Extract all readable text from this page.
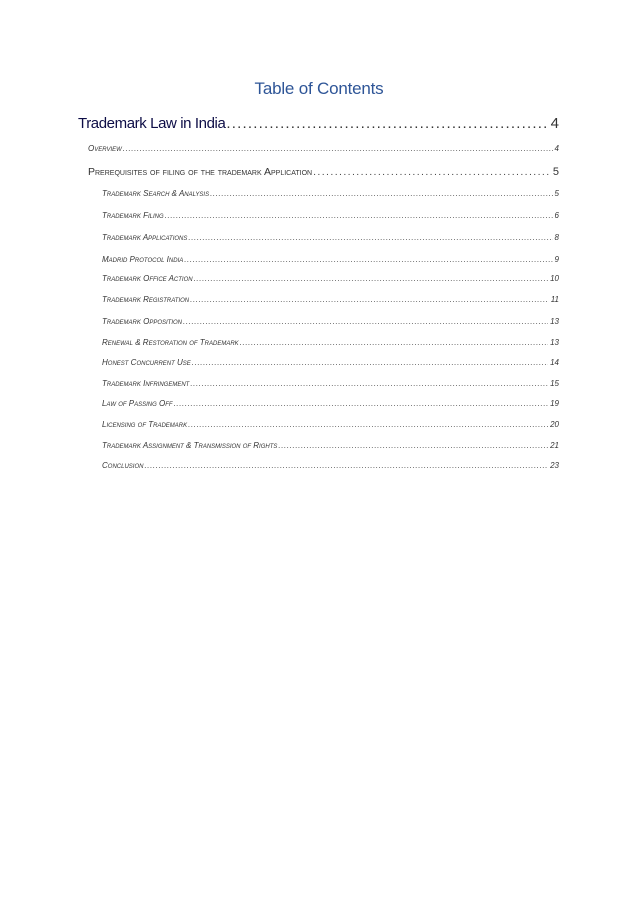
Table of Contents
Trademark Law in India .....	4
Overview .....	4
Prerequisites of filing of the trademark Application .....	5
Trademark Search & Analysis .....	5
Trademark Filing .....	6
Trademark Applications .....	8
Madrid Protocol India .....	9
Trademark Office Action .....	10
Trademark Registration .....	11
Trademark Opposition .....	13
Renewal & Restoration of Trademark .....	13
Honest Concurrent Use .....	14
Trademark Infringement .....	15
Law of Passing Off .....	19
Licensing of Trademark .....	20
Trademark Assignment & Transmission of Rights .....	21
Conclusion .....	23
